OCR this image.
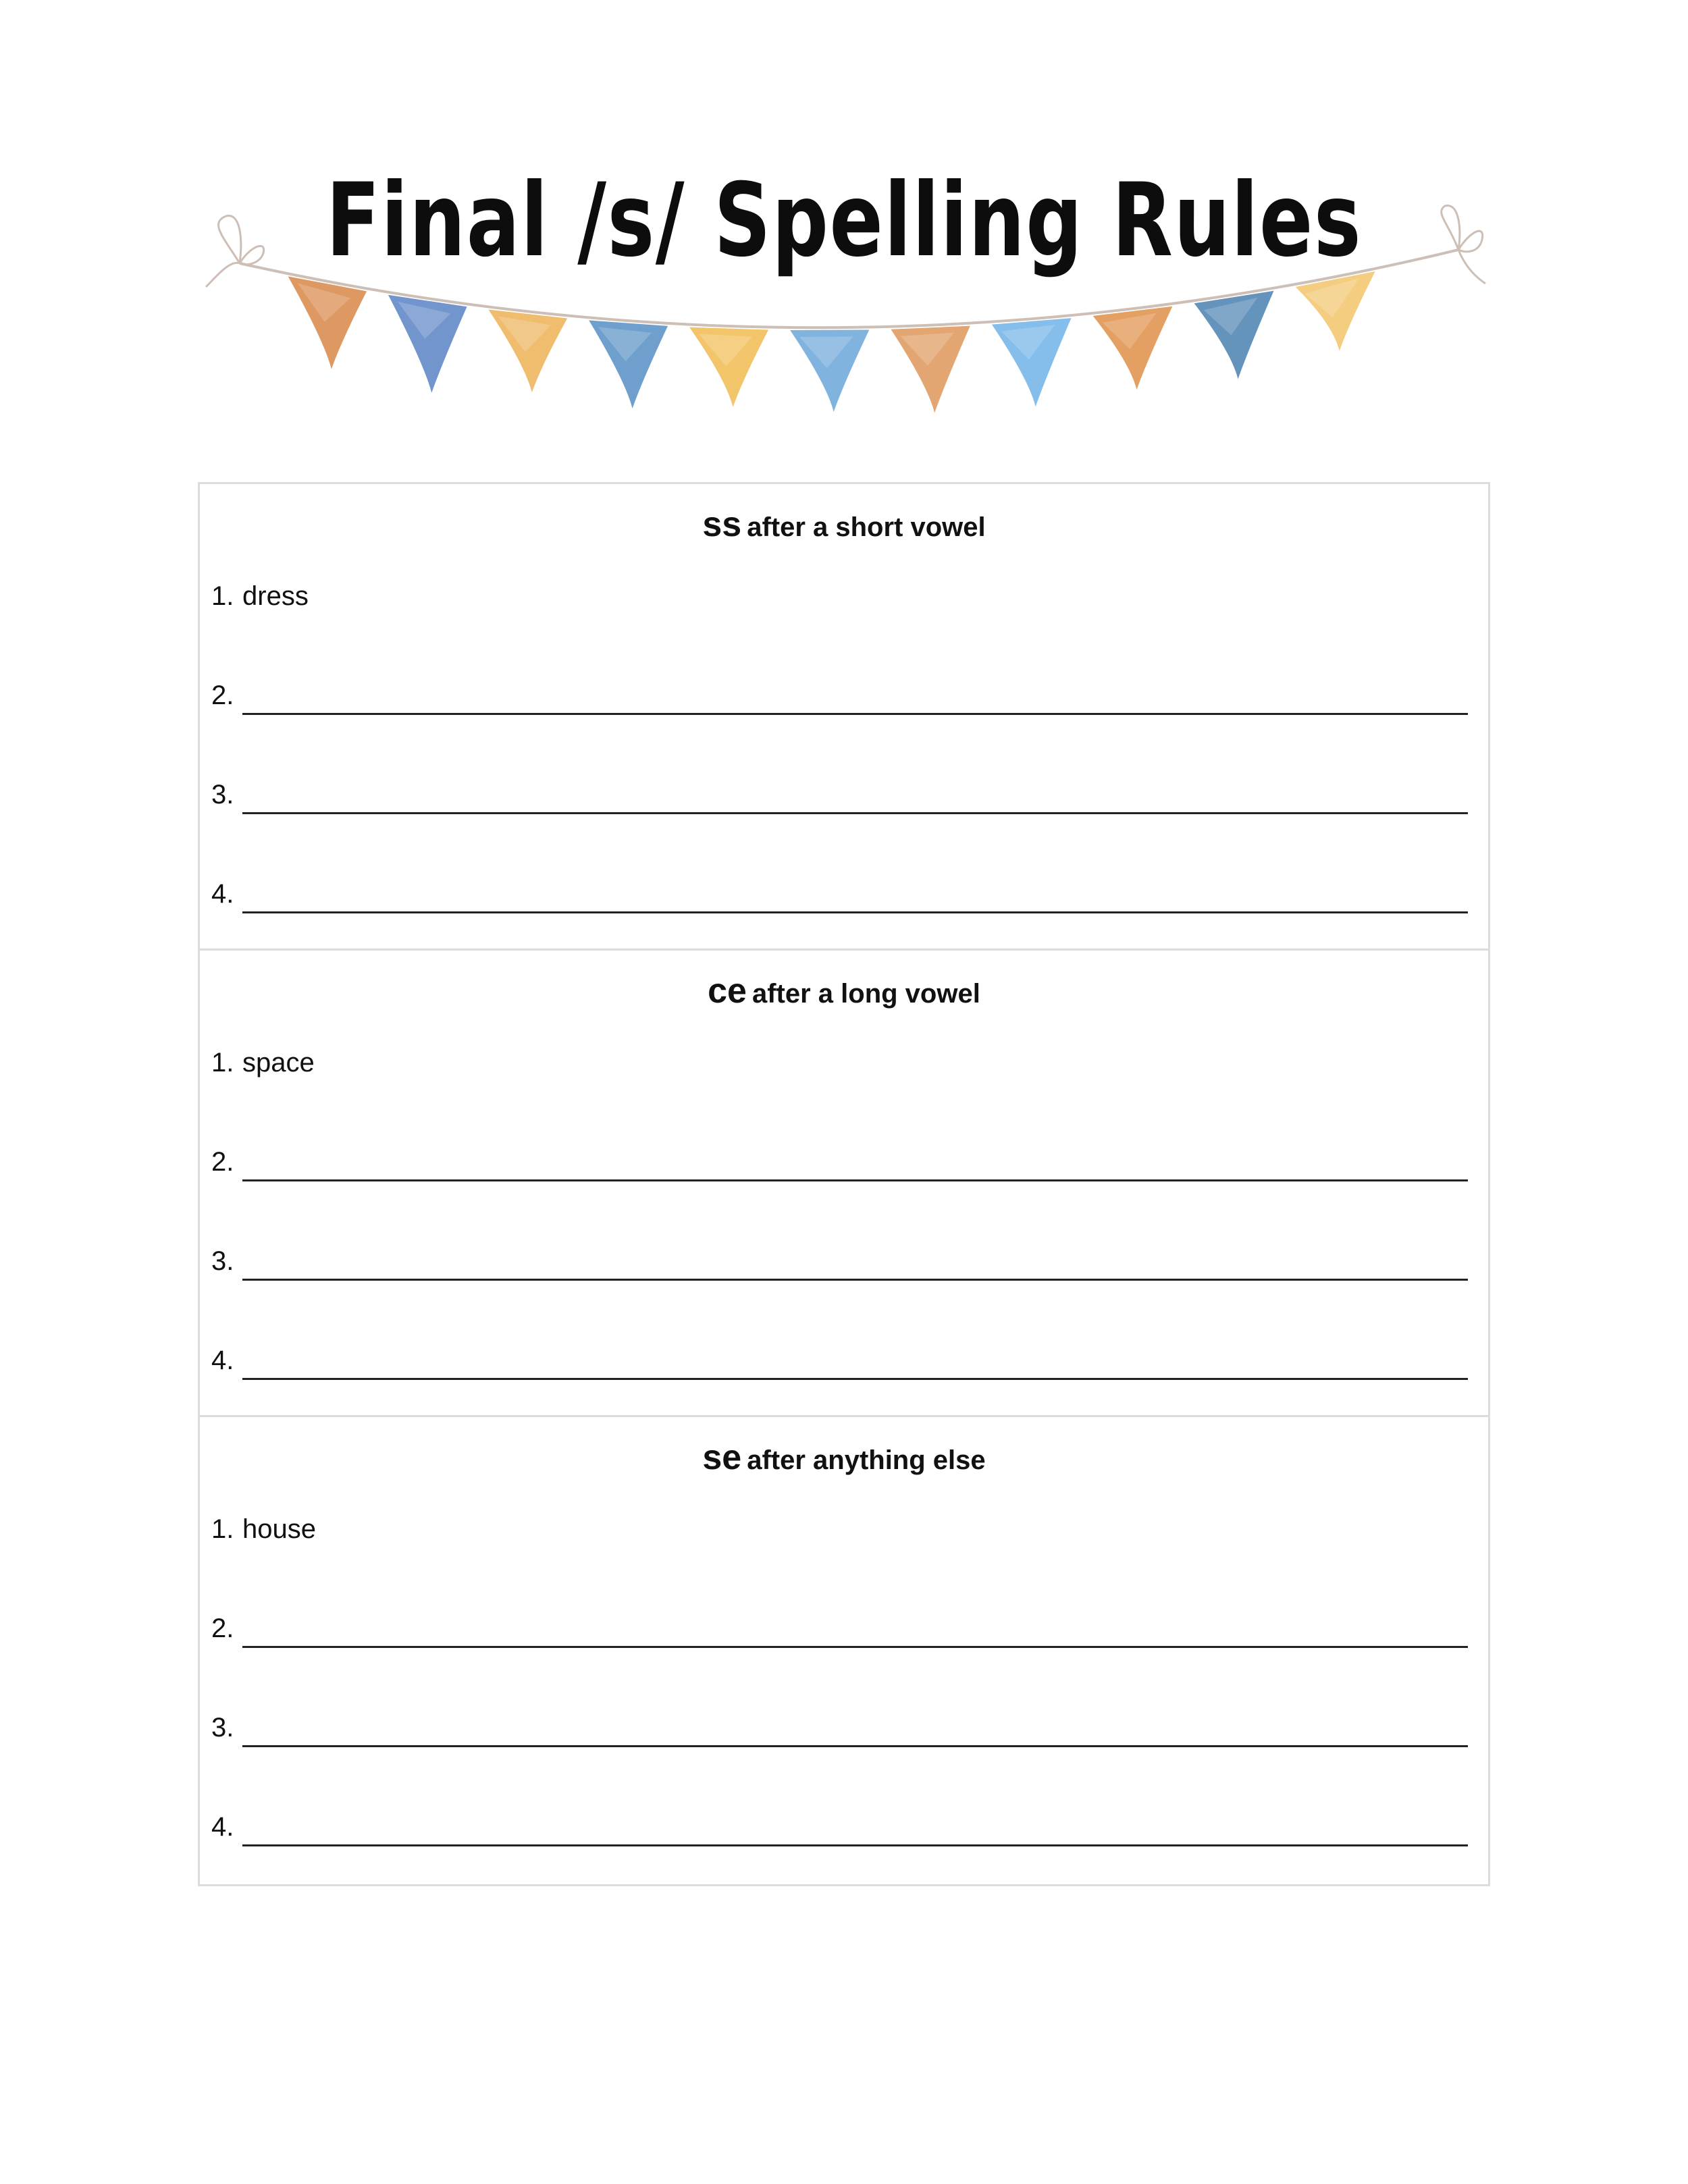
Final /s/ Spelling Rules
ss after a short vowel
1. dress
2.
3.
4.
ce after a long vowel
1. space
2.
3.
4.
se after anything else
1. house
2.
3.
4.
